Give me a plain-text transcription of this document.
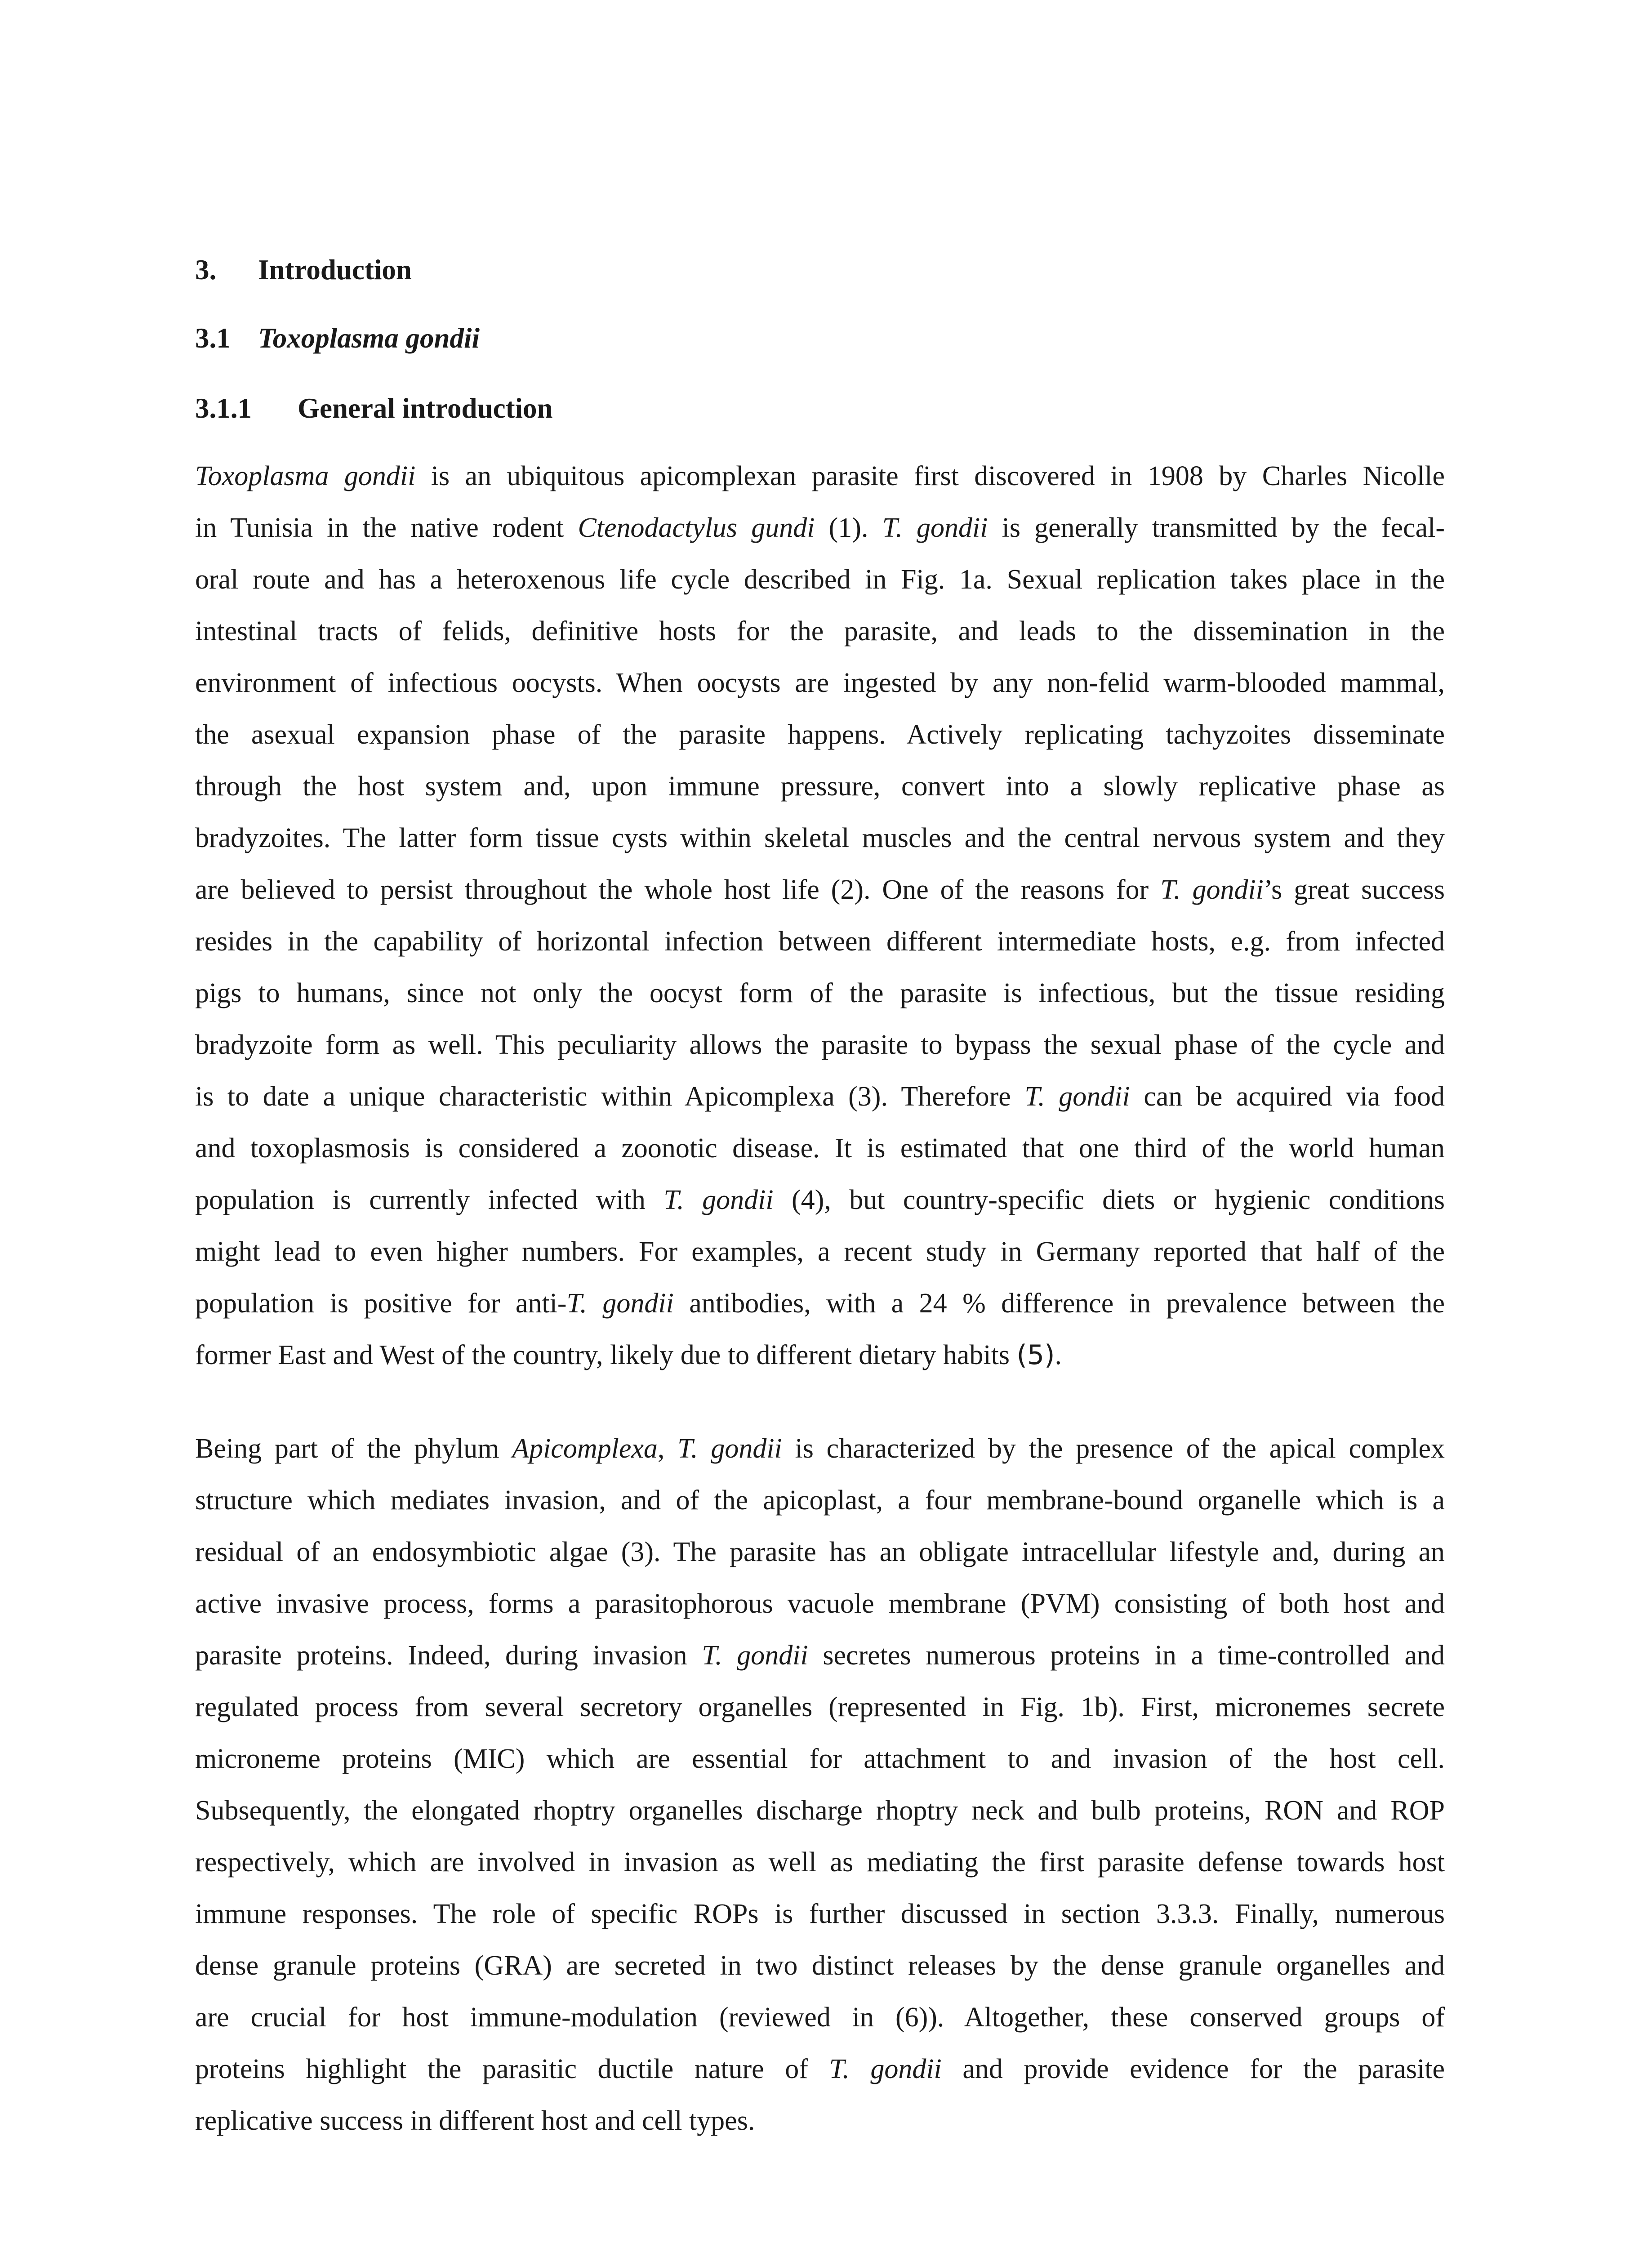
3. Introduction
3.1 Toxoplasma gondii
3.1.1 General introduction
Toxoplasma gondii is an ubiquitous apicomplexan parasite first discovered in 1908 by Charles Nicolle
in Tunisia in the native rodent Ctenodactylus gundi (1). T. gondii is generally transmitted by the fecal-
oral route and has a heteroxenous life cycle described in Fig. 1a. Sexual replication takes place in the
intestinal tracts of felids, definitive hosts for the parasite, and leads to the dissemination in the
environment of infectious oocysts. When oocysts are ingested by any non-felid warm-blooded mammal,
the asexual expansion phase of the parasite happens. Actively replicating tachyzoites disseminate
through the host system and, upon immune pressure, convert into a slowly replicative phase as
bradyzoites. The latter form tissue cysts within skeletal muscles and the central nervous system and they
are believed to persist throughout the whole host life (2). One of the reasons for T. gondii’s great success
resides in the capability of horizontal infection between different intermediate hosts, e.g. from infected
pigs to humans, since not only the oocyst form of the parasite is infectious, but the tissue residing
bradyzoite form as well. This peculiarity allows the parasite to bypass the sexual phase of the cycle and
is to date a unique characteristic within Apicomplexa (3). Therefore T. gondii can be acquired via food
and toxoplasmosis is considered a zoonotic disease. It is estimated that one third of the world human
population is currently infected with T. gondii (4), but country-specific diets or hygienic conditions
might lead to even higher numbers. For examples, a recent study in Germany reported that half of the
population is positive for anti-T. gondii antibodies, with a 24 % difference in prevalence between the
former East and West of the country, likely due to different dietary habits (5).
Being part of the phylum Apicomplexa, T. gondii is characterized by the presence of the apical complex
structure which mediates invasion, and of the apicoplast, a four membrane-bound organelle which is a
residual of an endosymbiotic algae (3). The parasite has an obligate intracellular lifestyle and, during an
active invasive process, forms a parasitophorous vacuole membrane (PVM) consisting of both host and
parasite proteins. Indeed, during invasion T. gondii secretes numerous proteins in a time-controlled and
regulated process from several secretory organelles (represented in Fig. 1b). First, micronemes secrete
microneme proteins (MIC) which are essential for attachment to and invasion of the host cell.
Subsequently, the elongated rhoptry organelles discharge rhoptry neck and bulb proteins, RON and ROP
respectively, which are involved in invasion as well as mediating the first parasite defense towards host
immune responses. The role of specific ROPs is further discussed in section 3.3.3. Finally, numerous
dense granule proteins (GRA) are secreted in two distinct releases by the dense granule organelles and
are crucial for host immune-modulation (reviewed in (6)). Altogether, these conserved groups of
proteins highlight the parasitic ductile nature of T. gondii and provide evidence for the parasite
replicative success in different host and cell types.
